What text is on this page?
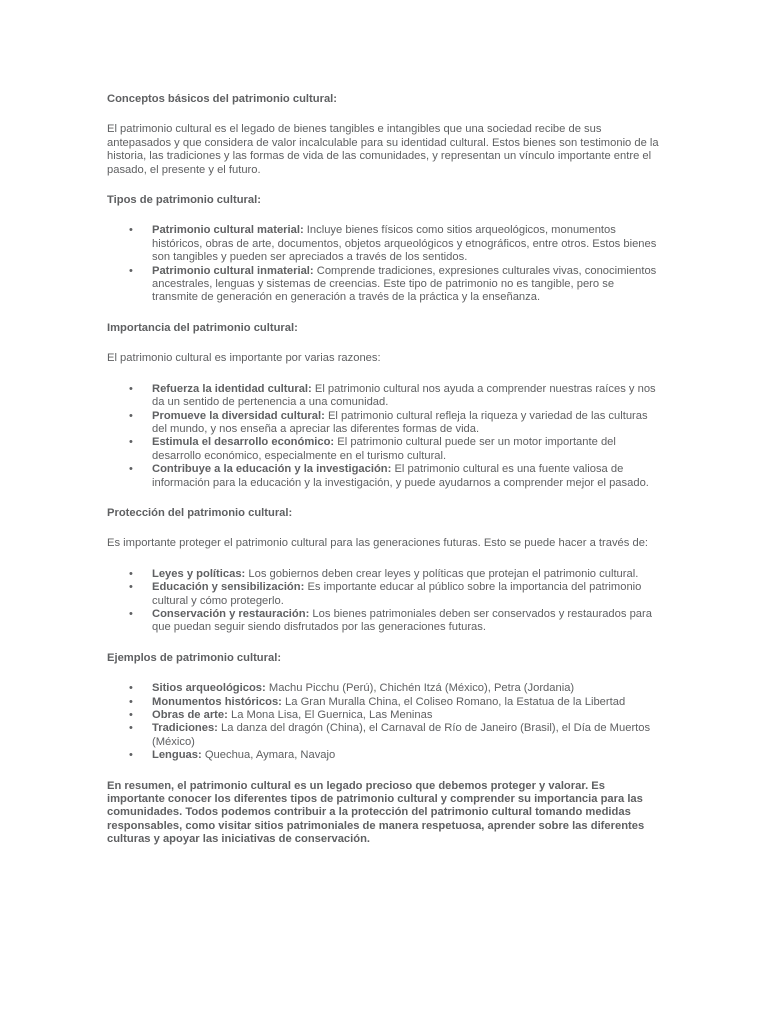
Conceptos básicos del patrimonio cultural:

El patrimonio cultural es el legado de bienes tangibles e intangibles que una sociedad recibe de sus antepasados y que considera de valor incalculable para su identidad cultural. Estos bienes son testimonio de la historia, las tradiciones y las formas de vida de las comunidades, y representan un vínculo importante entre el pasado, el presente y el futuro.

Tipos de patrimonio cultural:

• Patrimonio cultural material: Incluye bienes físicos como sitios arqueológicos, monumentos históricos, obras de arte, documentos, objetos arqueológicos y etnográficos, entre otros. Estos bienes son tangibles y pueden ser apreciados a través de los sentidos.
• Patrimonio cultural inmaterial: Comprende tradiciones, expresiones culturales vivas, conocimientos ancestrales, lenguas y sistemas de creencias. Este tipo de patrimonio no es tangible, pero se transmite de generación en generación a través de la práctica y la enseñanza.

Importancia del patrimonio cultural:

El patrimonio cultural es importante por varias razones:

• Refuerza la identidad cultural: El patrimonio cultural nos ayuda a comprender nuestras raíces y nos da un sentido de pertenencia a una comunidad.
• Promueve la diversidad cultural: El patrimonio cultural refleja la riqueza y variedad de las culturas del mundo, y nos enseña a apreciar las diferentes formas de vida.
• Estimula el desarrollo económico: El patrimonio cultural puede ser un motor importante del desarrollo económico, especialmente en el turismo cultural.
• Contribuye a la educación y la investigación: El patrimonio cultural es una fuente valiosa de información para la educación y la investigación, y puede ayudarnos a comprender mejor el pasado.

Protección del patrimonio cultural:

Es importante proteger el patrimonio cultural para las generaciones futuras. Esto se puede hacer a través de:

• Leyes y políticas: Los gobiernos deben crear leyes y políticas que protejan el patrimonio cultural.
• Educación y sensibilización: Es importante educar al público sobre la importancia del patrimonio cultural y cómo protegerlo.
• Conservación y restauración: Los bienes patrimoniales deben ser conservados y restaurados para que puedan seguir siendo disfrutados por las generaciones futuras.

Ejemplos de patrimonio cultural:

• Sitios arqueológicos: Machu Picchu (Perú), Chichén Itzá (México), Petra (Jordania)
• Monumentos históricos: La Gran Muralla China, el Coliseo Romano, la Estatua de la Libertad
• Obras de arte: La Mona Lisa, El Guernica, Las Meninas
• Tradiciones: La danza del dragón (China), el Carnaval de Río de Janeiro (Brasil), el Día de Muertos (México)
• Lenguas: Quechua, Aymara, Navajo

En resumen, el patrimonio cultural es un legado precioso que debemos proteger y valorar. Es importante conocer los diferentes tipos de patrimonio cultural y comprender su importancia para las comunidades. Todos podemos contribuir a la protección del patrimonio cultural tomando medidas responsables, como visitar sitios patrimoniales de manera respetuosa, aprender sobre las diferentes culturas y apoyar las iniciativas de conservación.
